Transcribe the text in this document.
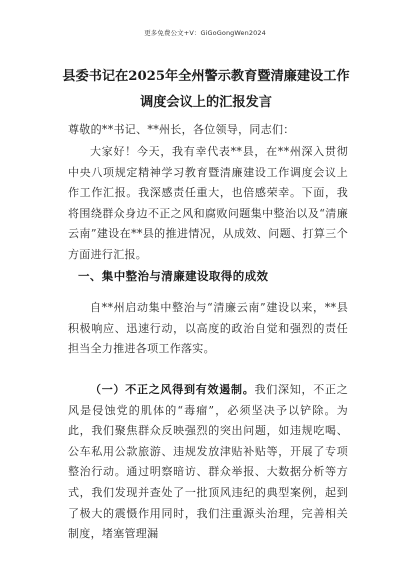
更多免费公文+V：GiGoGongWen2024
县委书记在2025年全州警示教育暨清廉建设工作调度会议上的汇报发言
尊敬的**书记、**州长，各位领导，同志们：
大家好！今天，我有幸代表**县，在**州深入贯彻中央八项规定精神学习教育暨清廉建设工作调度会议上作工作汇报。我深感责任重大，也倍感荣幸。下面，我将围绕群众身边不正之风和腐败问题集中整治以及“清廉云南”建设在**县的推进情况，从成效、问题、打算三个方面进行汇报。
一、集中整治与清廉建设取得的成效
自**州启动集中整治与“清廉云南”建设以来，**县积极响应、迅速行动，以高度的政治自觉和强烈的责任担当全力推进各项工作落实。
（一）不正之风得到有效遏制。我们深知，不正之风是侵蚀党的肌体的“毒瘤”，必须坚决予以铲除。为此，我们聚焦群众反映强烈的突出问题，如违规吃喝、公车私用公款旅游、违规发放津贴补贴等，开展了专项整治行动。通过明察暗访、群众举报、大数据分析等方式，我们发现并查处了一批顶风违纪的典型案例，起到了极大的震慑作用同时，我们注重源头治理，完善相关制度，堵塞管理漏
